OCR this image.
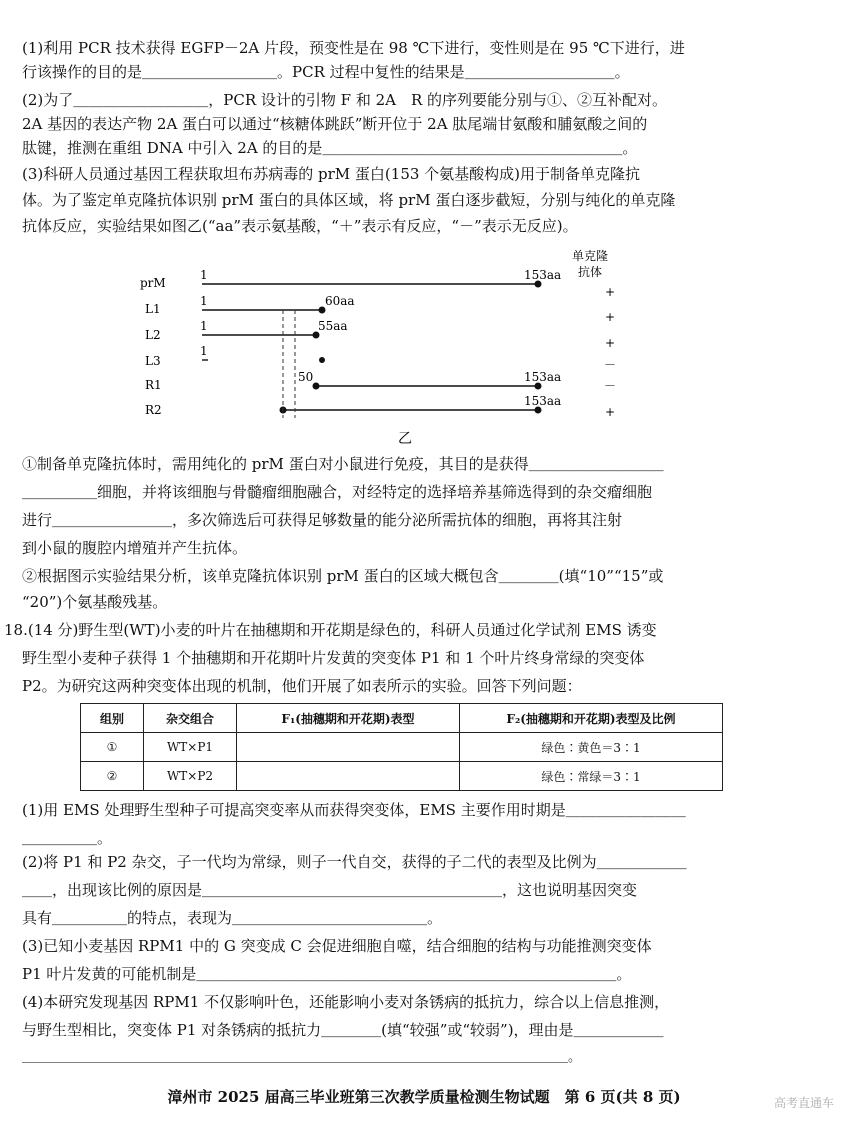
(1)利用 PCR 技术获得 EGFP－2A 片段，预变性是在 98 ℃下进行，变性则是在 95 ℃下进行，进
行该操作的目的是＿＿＿＿＿＿＿＿＿。PCR 过程中复性的结果是＿＿＿＿＿＿＿＿＿＿。
(2)为了＿＿＿＿＿＿＿＿＿，PCR 设计的引物 F 和 2A　R 的序列要能分别与①、②互补配对。
2A 基因的表达产物 2A 蛋白可以通过“核糖体跳跃”断开位于 2A 肽尾端甘氨酸和脯氨酸之间的
肽键，推测在重组 DNA 中引入 2A 的目的是＿＿＿＿＿＿＿＿＿＿＿＿＿＿＿＿＿＿＿＿。
(3)科研人员通过基因工程获取坦布苏病毒的 prM 蛋白(153 个氨基酸构成)用于制备单克隆抗
体。为了鉴定单克隆抗体识别 prM 蛋白的具体区域，将 prM 蛋白逐步截短，分别与纯化的单克隆
抗体反应，实验结果如图乙(“aa”表示氨基酸，“＋”表示有反应，“－”表示无反应)。
单克隆
抗体
prM
1	153aa
+
L1
1	60aa
+
L2
1	55aa
+
L3
1
－
R1
50	153aa
－
R2
153aa
+
乙
①制备单克隆抗体时，需用纯化的 prM 蛋白对小鼠进行免疫，其目的是获得＿＿＿＿＿＿＿＿＿
＿＿＿＿＿细胞，并将该细胞与骨髓瘤细胞融合，对经特定的选择培养基筛选得到的杂交瘤细胞
进行＿＿＿＿＿＿＿＿，多次筛选后可获得足够数量的能分泌所需抗体的细胞，再将其注射
到小鼠的腹腔内增殖并产生抗体。
②根据图示实验结果分析，该单克隆抗体识别 prM 蛋白的区域大概包含＿＿＿＿(填“10”“15”或
“20”)个氨基酸残基。
18.(14 分)野生型(WT)小麦的叶片在抽穗期和开花期是绿色的，科研人员通过化学试剂 EMS 诱变
野生型小麦种子获得 1 个抽穗期和开花期叶片发黄的突变体 P1 和 1 个叶片终身常绿的突变体
P2。为研究这两种突变体出现的机制，他们开展了如表所示的实验。回答下列问题：
组别	杂交组合	F₁(抽穗期和开花期)表型	F₂(抽穗期和开花期)表型及比例
①	WT×P1		绿色∶黄色＝3∶1
②	WT×P2		绿色∶常绿＝3∶1
(1)用 EMS 处理野生型种子可提高突变率从而获得突变体，EMS 主要作用时期是＿＿＿＿＿＿＿＿
＿＿＿＿＿。
(2)将 P1 和 P2 杂交，子一代均为常绿，则子一代自交，获得的子二代的表型及比例为＿＿＿＿＿＿
＿＿，出现该比例的原因是＿＿＿＿＿＿＿＿＿＿＿＿＿＿＿＿＿＿＿＿，这也说明基因突变
具有＿＿＿＿＿的特点，表现为＿＿＿＿＿＿＿＿＿＿＿＿＿。
(3)已知小麦基因 RPM1 中的 G 突变成 C 会促进细胞自噬，结合细胞的结构与功能推测突变体
P1 叶片发黄的可能机制是＿＿＿＿＿＿＿＿＿＿＿＿＿＿＿＿＿＿＿＿＿＿＿＿＿＿＿＿。
(4)本研究发现基因 RPM1 不仅影响叶色，还能影响小麦对条锈病的抵抗力，综合以上信息推测，
与野生型相比，突变体 P1 对条锈病的抵抗力＿＿＿＿(填“较强”或“较弱”)，理由是＿＿＿＿＿＿
＿＿＿＿＿＿＿＿＿＿＿＿＿＿＿＿＿＿＿＿＿＿＿＿＿＿＿＿＿＿＿＿＿＿＿＿＿＿＿＿＿＿。
漳州市 2025 届高三毕业班第三次教学质量检测生物试题　第 6 页(共 8 页)	高考直通车
